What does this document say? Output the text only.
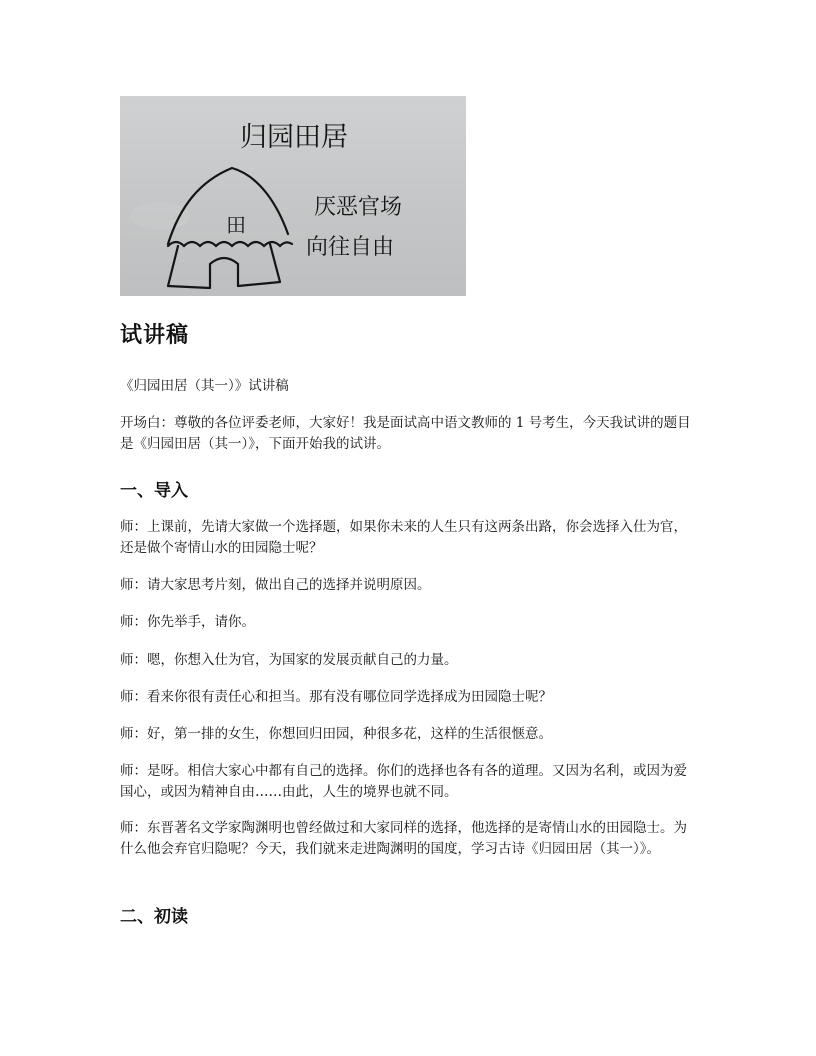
归园田居
田
厌恶官场
向往自由
试讲稿

《归园田居（其一）》试讲稿

开场白：尊敬的各位评委老师，大家好！我是面试高中语文教师的 1 号考生，今天我试讲的题目是《归园田居（其一）》，下面开始我的试讲。

一、导入

师：上课前，先请大家做一个选择题，如果你未来的人生只有这两条出路，你会选择入仕为官，还是做个寄情山水的田园隐士呢？

师：请大家思考片刻，做出自己的选择并说明原因。

师：你先举手，请你。

师：嗯，你想入仕为官，为国家的发展贡献自己的力量。

师：看来你很有责任心和担当。那有没有哪位同学选择成为田园隐士呢？

师：好，第一排的女生，你想回归田园，种很多花，这样的生活很惬意。

师：是呀。相信大家心中都有自己的选择。你们的选择也各有各的道理。又因为名利，或因为爱国心，或因为精神自由……由此，人生的境界也就不同。

师：东晋著名文学家陶渊明也曾经做过和大家同样的选择，他选择的是寄情山水的田园隐士。为什么他会弃官归隐呢？今天，我们就来走进陶渊明的国度，学习古诗《归园田居（其一）》。

二、初读
